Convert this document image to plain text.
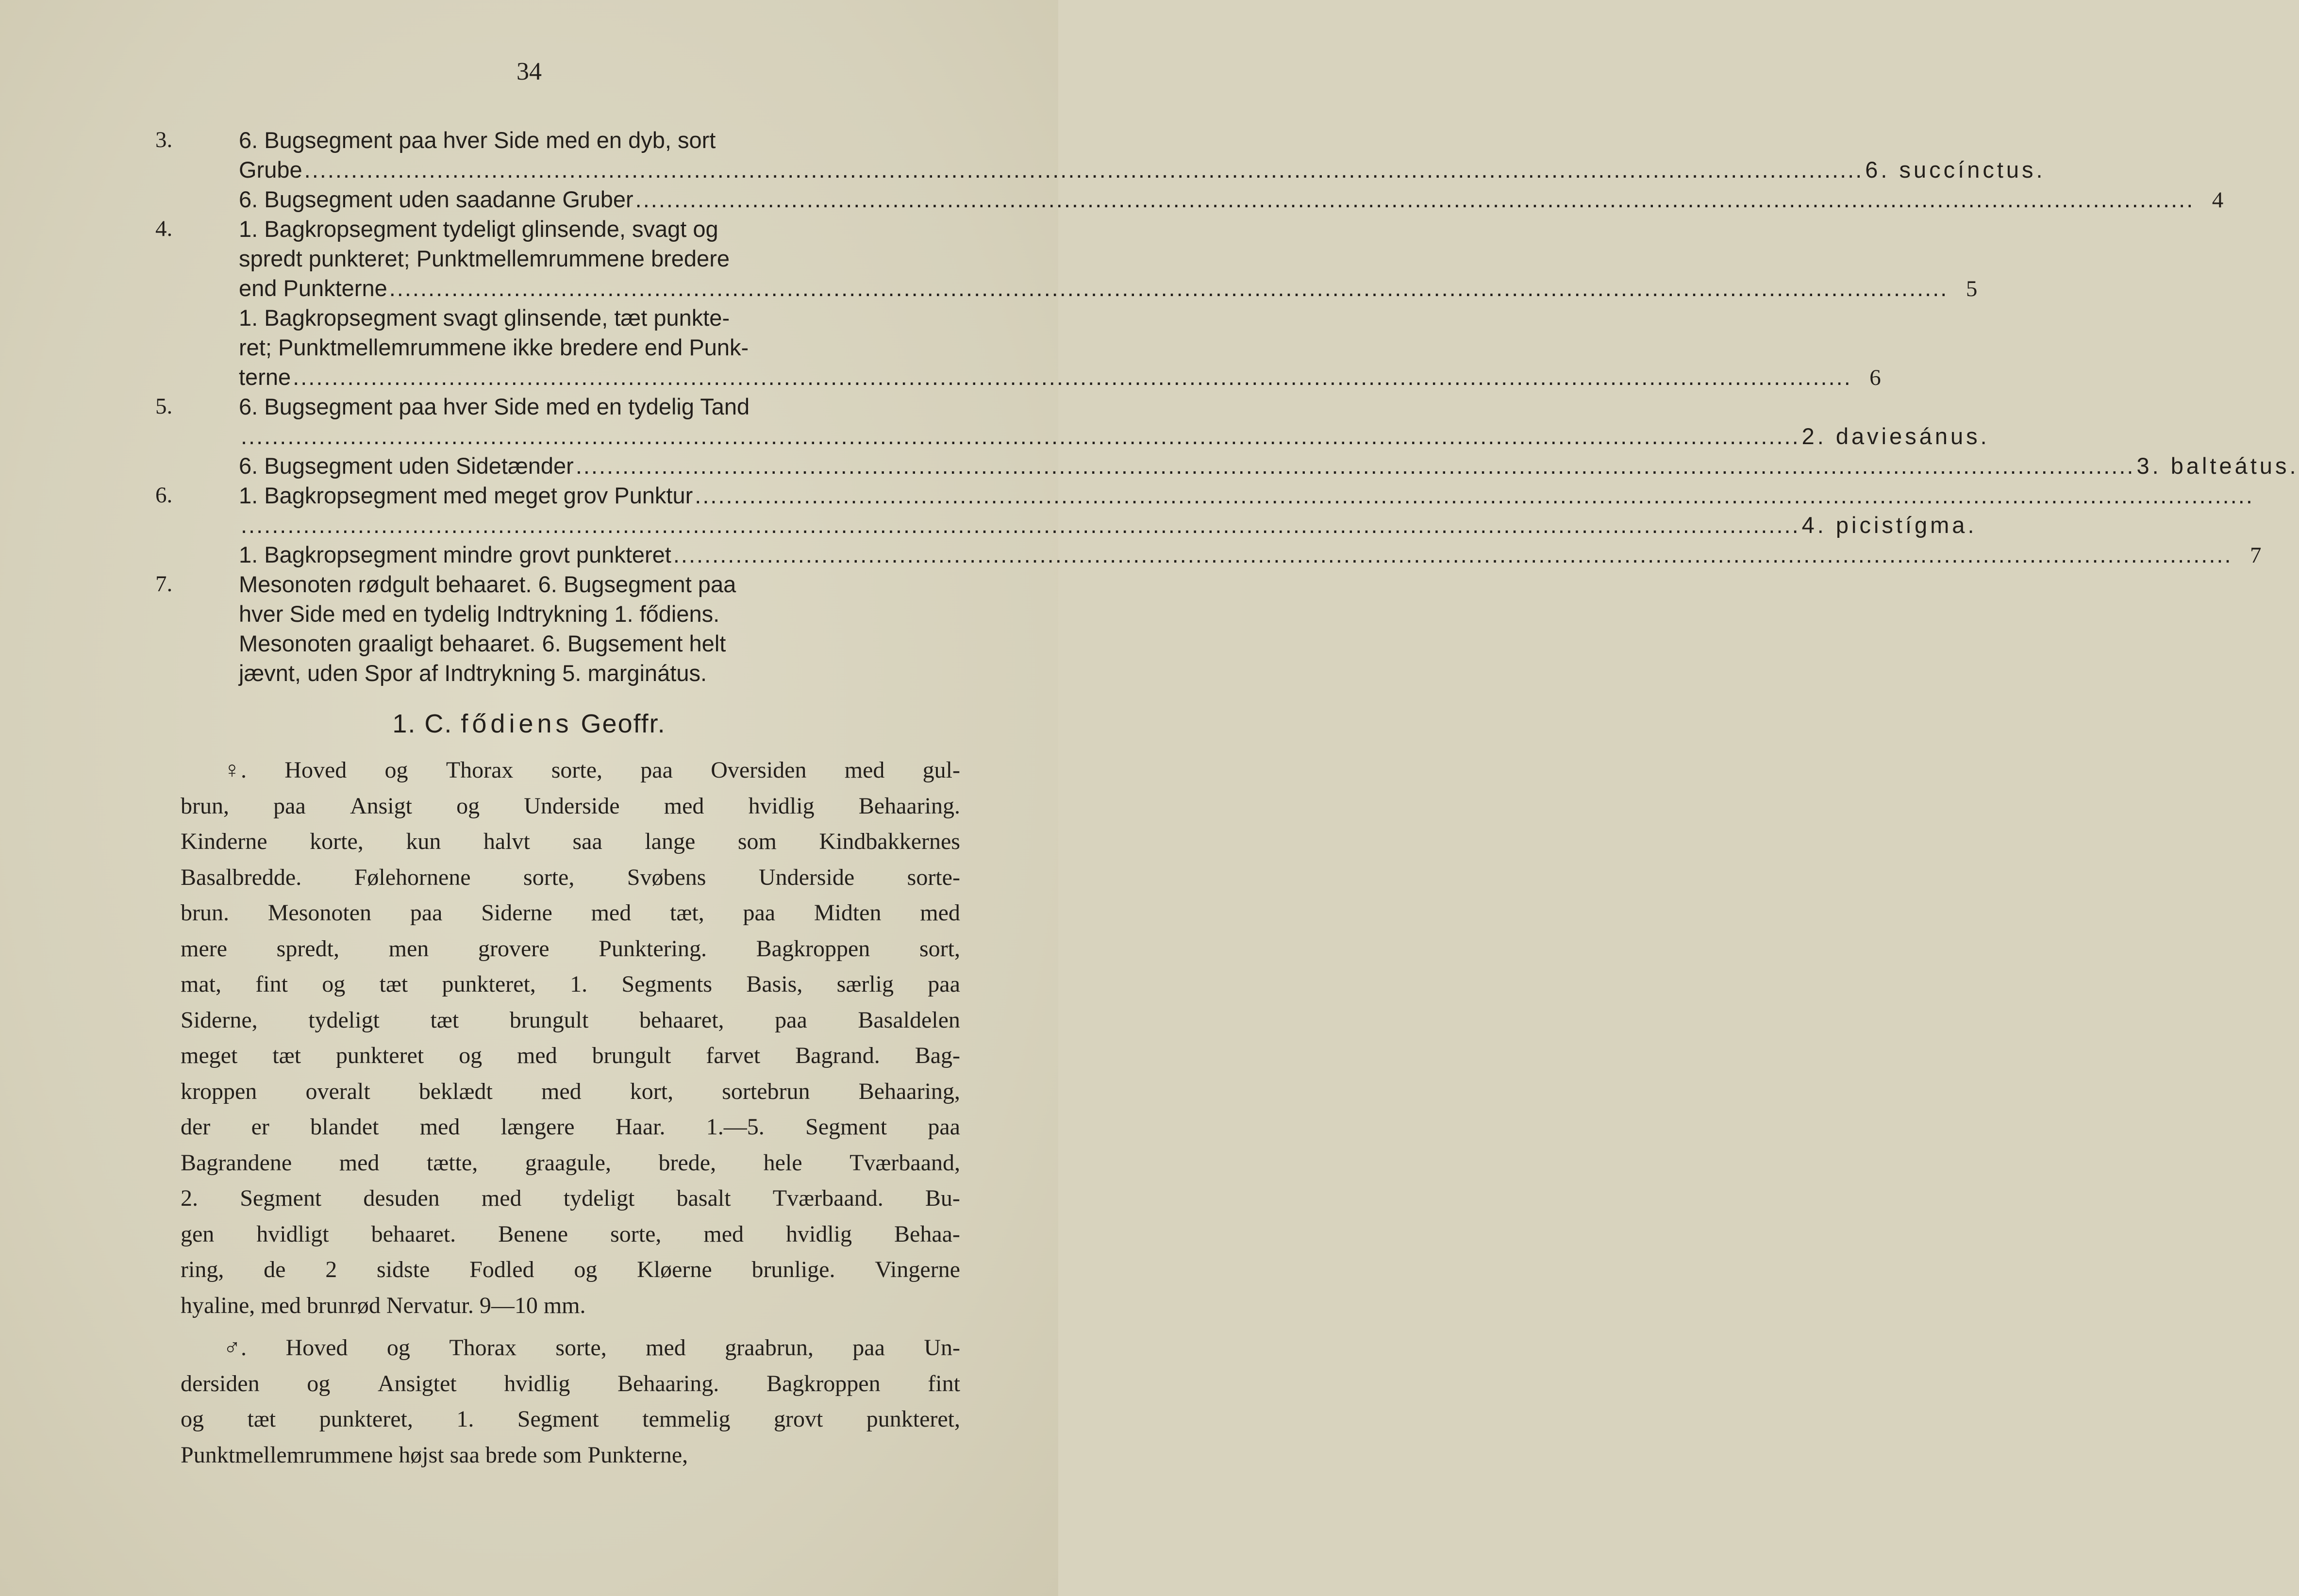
34
3.	6. Bugsegment paa hver Side med en dyb, sort
Grube ........................................................................................................................................................................................................ 6. succínctus.
6. Bugsegment uden saadanne Gruber ........................................................................................................................................................................................................ 4
4.	1. Bagkropsegment tydeligt glinsende, svagt og
spredt punkteret; Punktmellemrummene bredere
end Punkterne ........................................................................................................................................................................................................ 5
1. Bagkropsegment svagt glinsende, tæt punkte-
ret; Punktmellemrummene ikke bredere end Punk-
terne ........................................................................................................................................................................................................ 6
5.	6. Bugsegment paa hver Side med en tydelig Tand
........................................................................................................................................................................................................ 2. daviesánus.
6. Bugsegment uden Sidetænder ........................................................................................................................................................................................................ 3. balteátus.
6.	1. Bagkropsegment med meget grov Punktur ........................................................................................................................................................................................................
........................................................................................................................................................................................................ 4. picistígma.
1. Bagkropsegment mindre grovt punkteret ........................................................................................................................................................................................................ 7
7.	Mesonoten rødgult behaaret. 6. Bugsegment paa
hver Side med en tydelig Indtrykning 1. fődiens.
Mesonoten graaligt behaaret. 6. Bugsement helt
jævnt, uden Spor af Indtrykning 5. marginátus.
1. C. fődiens Geoffr.
♀. Hoved og Thorax sorte, paa Oversiden med gul-
brun, paa Ansigt og Underside med hvidlig Behaaring.
Kinderne korte, kun halvt saa lange som Kindbakkernes
Basalbredde. Følehornene sorte, Svøbens Underside sorte-
brun. Mesonoten paa Siderne med tæt, paa Midten med
mere spredt, men grovere Punktering. Bagkroppen sort,
mat, fint og tæt punkteret, 1. Segments Basis, særlig paa
Siderne, tydeligt tæt brungult behaaret, paa Basaldelen
meget tæt punkteret og med brungult farvet Bagrand. Bag-
kroppen overalt beklædt med kort, sortebrun Behaaring,
der er blandet med længere Haar. 1.—5. Segment paa
Bagrandene med tætte, graagule, brede, hele Tværbaand,
2. Segment desuden med tydeligt basalt Tværbaand. Bu-
gen hvidligt behaaret. Benene sorte, med hvidlig Behaa-
ring, de 2 sidste Fodled og Kløerne brunlige. Vingerne
hyaline, med brunrød Nervatur. 9—10 mm.
♂. Hoved og Thorax sorte, med graabrun, paa Un-
dersiden og Ansigtet hvidlig Behaaring. Bagkroppen fint
og tæt punkteret, 1. Segment temmelig grovt punkteret,
Punktmellemrummene højst saa brede som Punkterne,
